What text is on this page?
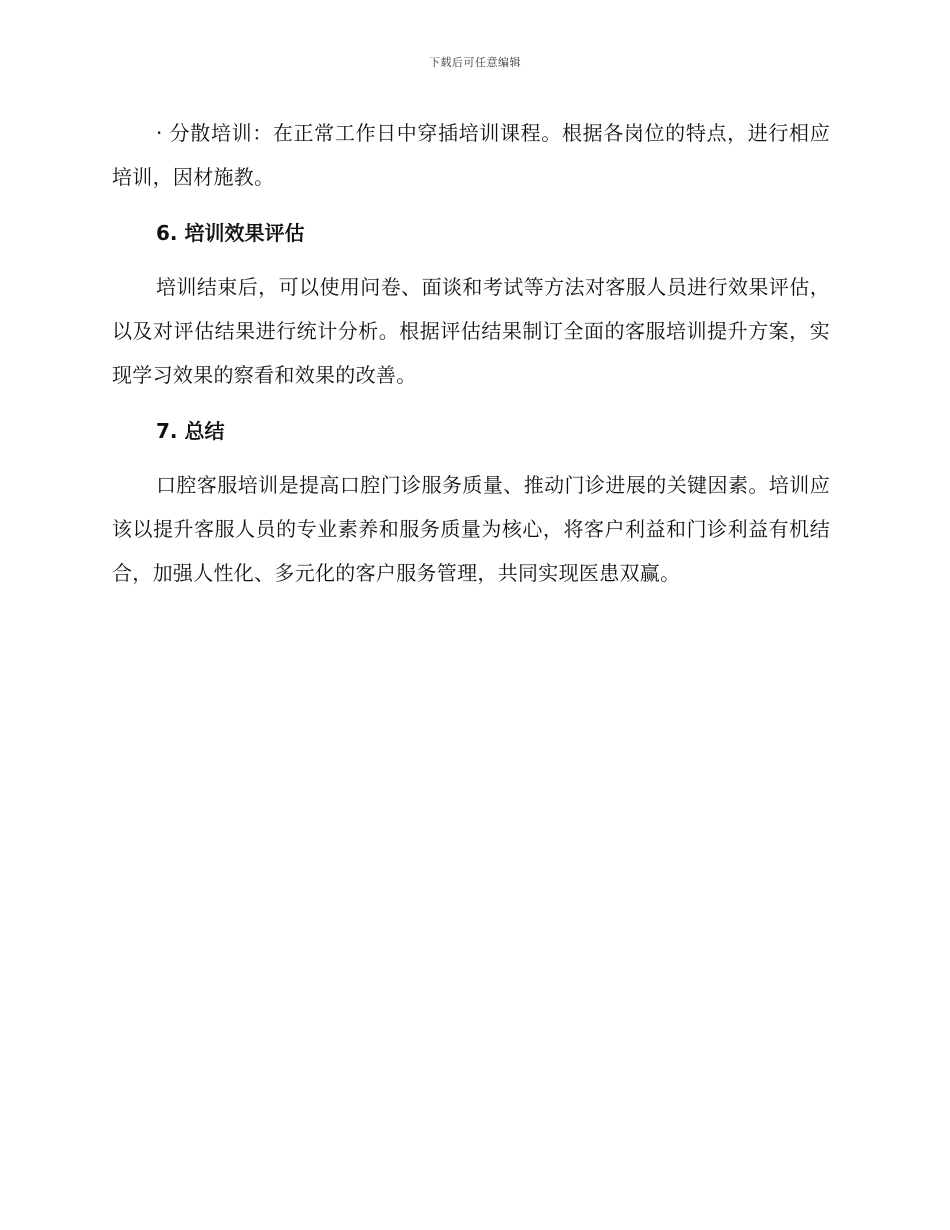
下载后可任意编辑

· 分散培训：在正常工作日中穿插培训课程。根据各岗位的特点，进行相应培训，因材施教。

6. 培训效果评估

培训结束后，可以使用问卷、面谈和考试等方法对客服人员进行效果评估，以及对评估结果进行统计分析。根据评估结果制订全面的客服培训提升方案，实现学习效果的察看和效果的改善。

7. 总结

口腔客服培训是提高口腔门诊服务质量、推动门诊进展的关键因素。培训应该以提升客服人员的专业素养和服务质量为核心，将客户利益和门诊利益有机结合，加强人性化、多元化的客户服务管理，共同实现医患双赢。
